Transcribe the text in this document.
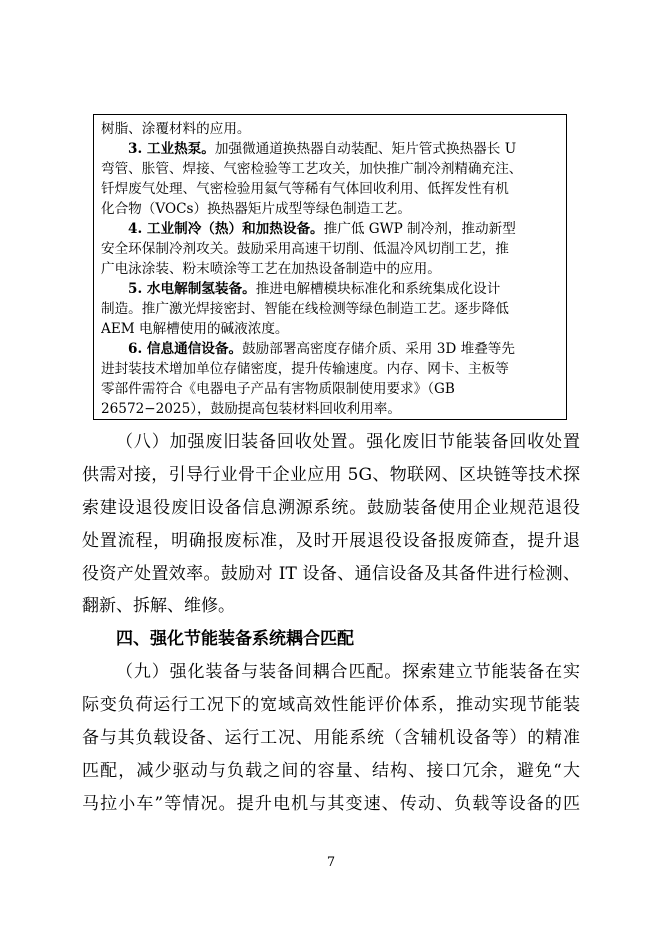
树脂、涂覆材料的应用。

3. 工业热泵。加强微通道换热器自动装配、矩片管式换热器长 U

弯管、胀管、焊接、气密检验等工艺攻关，加快推广制冷剂精确充注、

钎焊废气处理、气密检验用氦气等稀有气体回收利用、低挥发性有机

化合物（VOCs）换热器矩片成型等绿色制造工艺。

4. 工业制冷（热）和加热设备。推广低 GWP 制冷剂，推动新型

安全环保制冷剂攻关。鼓励采用高速干切削、低温冷风切削工艺，推

广电泳涂装、粉末喷涂等工艺在加热设备制造中的应用。

5. 水电解制氢装备。推进电解槽模块标准化和系统集成化设计

制造。推广激光焊接密封、智能在线检测等绿色制造工艺。逐步降低

AEM 电解槽使用的碱液浓度。

6. 信息通信设备。鼓励部署高密度存储介质、采用 3D 堆叠等先

进封装技术增加单位存储密度，提升传输速度。内存、网卡、主板等

零部件需符合《电器电子产品有害物质限制使用要求》（GB

26572−2025），鼓励提高包装材料回收利用率。

（八）加强废旧装备回收处置。强化废旧节能装备回收处置
供需对接，引导行业骨干企业应用 5G、物联网、区块链等技术探
索建设退役废旧设备信息溯源系统。鼓励装备使用企业规范退役
处置流程，明确报废标准，及时开展退役设备报废筛查，提升退
役资产处置效率。鼓励对 IT 设备、通信设备及其备件进行检测、
翻新、拆解、维修。
四、强化节能装备系统耦合匹配
（九）强化装备与装备间耦合匹配。探索建立节能装备在实
际变负荷运行工况下的宽域高效性能评价体系，推动实现节能装
备与其负载设备、运行工况、用能系统（含辅机设备等）的精准
匹配，减少驱动与负载之间的容量、结构、接口冗余，避免“大
马拉小车”等情况。提升电机与其变速、传动、负载等设备的匹
7
